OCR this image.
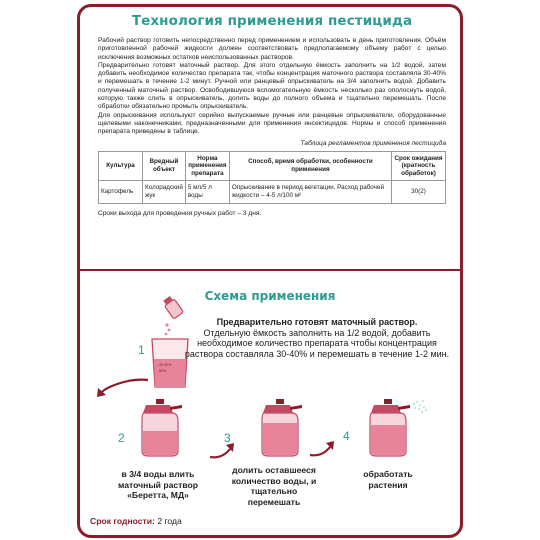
Технология применения пестицида

Рабочий раствор готовить непосредственно перед применением и использовать в день приготовления. Объём приготовленной рабочей жидкости должен соответствовать предполагаемому объему работ с целью исключения возможных остатков неиспользованных растворов.

Предварительно готовят маточный раствор. Для этого отдельную ёмкость заполнить на 1/2 водой, затем добавить необходимое количество препарата так, чтобы концентрация маточного раствора составляла 30-40% и перемешать в течение 1-2 минут. Ручной или ранцевый опрыскиватель на 3/4 заполнить водой. Добавить полученный маточный раствор. Освободившуюся вспомогательную ёмкость несколько раз ополоснуть водой, которую также слить в опрыскиватель, долить воды до полного объема и тщательно перемешать. После обработки обязательно промыть опрыскиватель.

Для опрыскивания используют серийно выпускаемые ручные или ранцевые опрыскиватели, оборудованные щелевыми наконечниками, предназначенными для применения инсектицидов. Нормы и способ применения препарата приведены в таблице.

Таблица регламентов применения пестицида
Культура	Вредный объект	Норма применения препарата	Способ, время обработки, особенности применения	Срок ожидания (кратность обработок)
Картофель	Колорадский жук	5 мл/5 л воды	Опрыскивание в период вегетации. Расход рабочей жидкости – 4-5 л/100 м²	30(2)
Сроки выхода для проведения ручных работ – 3 дня.
Схема применения
1
-30-40%
-50%
Предварительно готовят маточный раствор.
Отдельную ёмкость заполнить на 1/2 водой, добавить необходимое количество препарата чтобы концентрация раствора составляла 30-40% и перемешать в течение 1-2 мин.
2	3	4
в 3/4 воды влить маточный раствор «Беретта, МД»
долить оставшееся количество воды, и тщательно перемешать
обработать растения
Срок годности: 2 года
